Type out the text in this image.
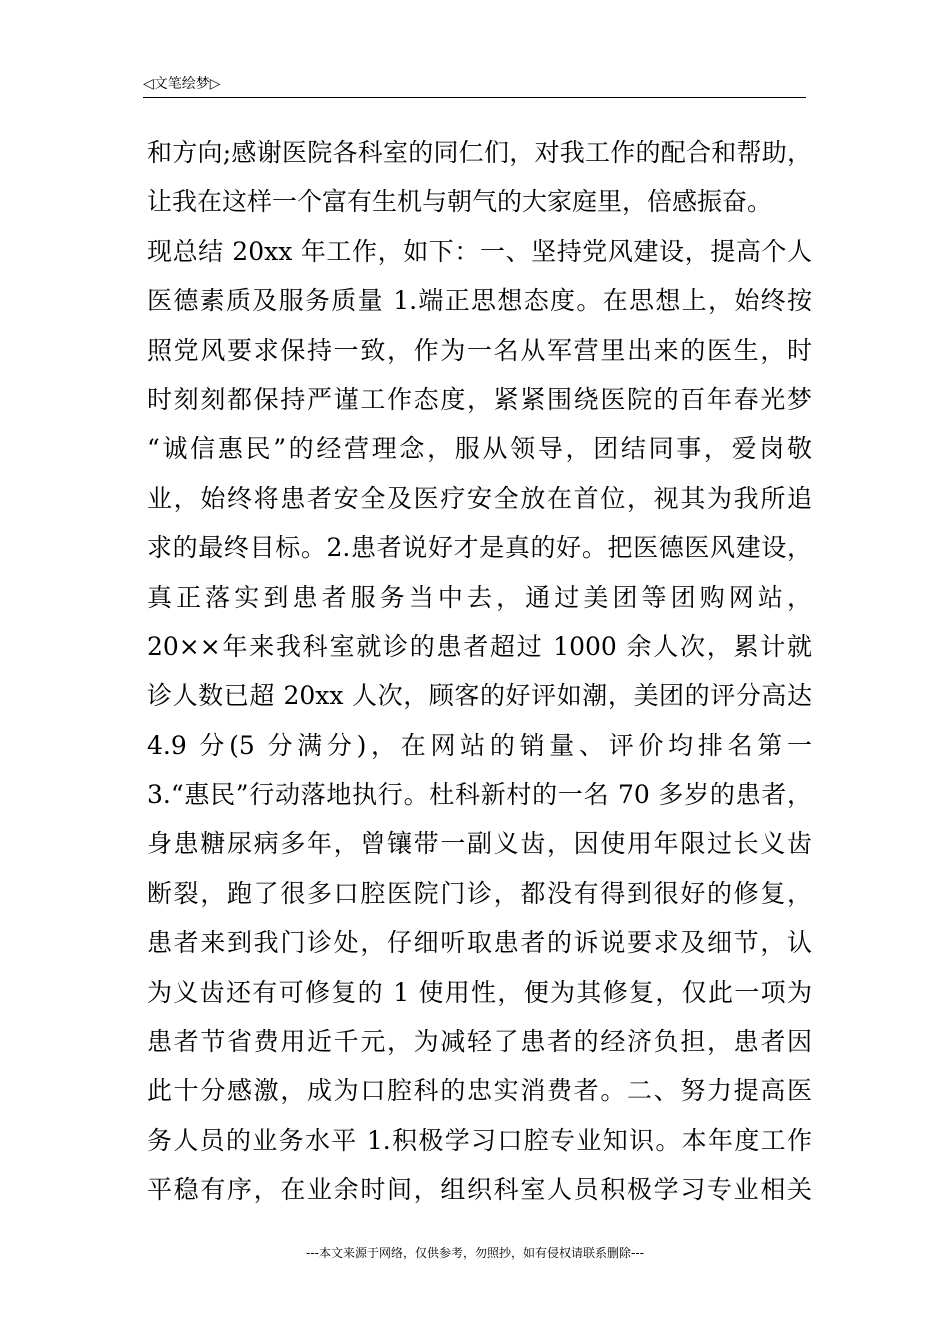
◁文笔绘梦▷
和方向;感谢医院各科室的同仁们，对我工作的配合和帮助，
让我在这样一个富有生机与朝气的大家庭里，倍感振奋。
现总结 20xx 年工作，如下：一、坚持党风建设，提高个人
医德素质及服务质量 1.端正思想态度。在思想上，始终按
照党风要求保持一致，作为一名从军营里出来的医生，时
时刻刻都保持严谨工作态度，紧紧围绕医院的百年春光梦
“诚信惠民”的经营理念，服从领导，团结同事，爱岗敬
业，始终将患者安全及医疗安全放在首位，视其为我所追
求的最终目标。2.患者说好才是真的好。把医德医风建设，
真正落实到患者服务当中去，通过美团等团购网站，
20××年来我科室就诊的患者超过 1000 余人次，累计就
诊人数已超 20xx 人次，顾客的好评如潮，美团的评分高达
4.9 分(5 分满分)，在网站的销量、评价均排名第一
3.“惠民”行动落地执行。杜科新村的一名 70 多岁的患者，
身患糖尿病多年，曾镶带一副义齿，因使用年限过长义齿
断裂，跑了很多口腔医院门诊，都没有得到很好的修复，
患者来到我门诊处，仔细听取患者的诉说要求及细节，认
为义齿还有可修复的 1 使用性，便为其修复，仅此一项为
患者节省费用近千元，为减轻了患者的经济负担，患者因
此十分感激，成为口腔科的忠实消费者。二、努力提高医
务人员的业务水平 1.积极学习口腔专业知识。本年度工作
平稳有序，在业余时间，组织科室人员积极学习专业相关
---本文来源于网络，仅供参考，勿照抄，如有侵权请联系删除---
